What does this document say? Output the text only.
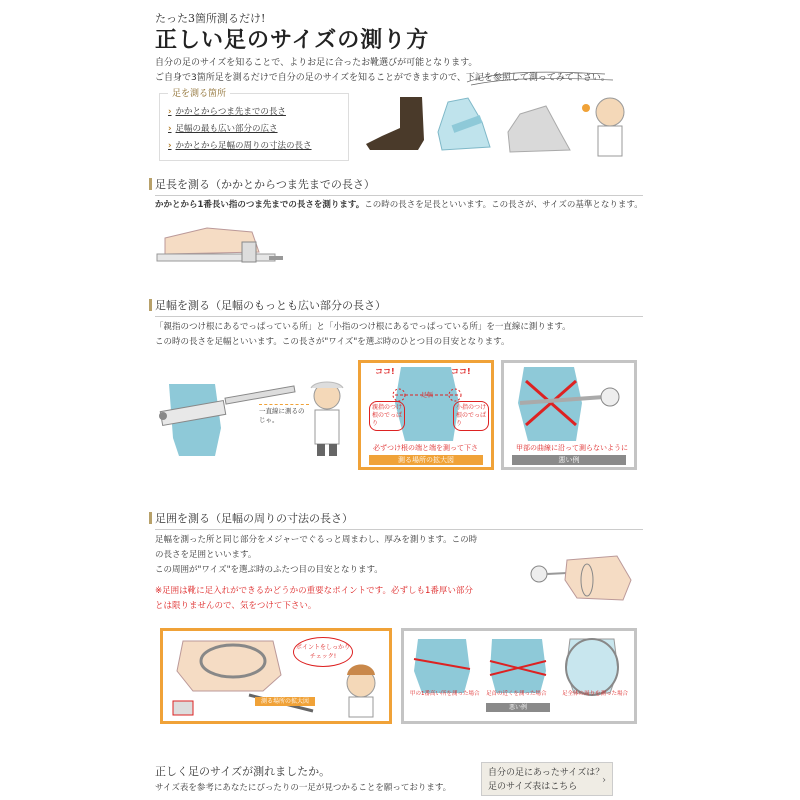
たった3箇所測るだけ!
正しい足のサイズの測り方
自分の足のサイズを知ることで、よりお足に合ったお靴選びが可能となります。
ご自身で3箇所足を測るだけで自分の足のサイズを知ることができますので、下記を参照して測ってみて下さい。
足を測る箇所
› かかとからつま先までの長さ
› 足幅の最も広い部分の広さ
› かかとから足幅の周りの寸法の長さ
足長を測る（かかとからつま先までの長さ）
かかとから1番長い指のつま先までの長さを測ります。この時の長さを足長といいます。この長さが、サイズの基準となります。
足幅を測る（足幅のもっとも広い部分の長さ）
「親指のつけ根にあるでっぱっている所」と「小指のつけ根にあるでっぱっている所」を一直線に測ります。
この時の長さを足幅といいます。この長さが"ワイズ"を選ぶ時のひとつ目の目安となります。
一直線に測るのじゃ。
ココ!	ココ!
足幅
親指のつけ根のでっぱり
小指のつけ根のでっぱり
必ずつけ根の端と端を測って下さ
測る場所の拡大図
甲部の曲線に沿って測らないように
悪い例
足囲を測る（足幅の周りの寸法の長さ）
足幅を測った所と同じ部分をメジャーでぐるっと周まわし、厚みを測ります。この時
の長さを足囲といいます。
この周囲が"ワイズ"を選ぶ時のふたつ目の目安となります。
※足囲は靴に足入れができるかどうかの重要なポイントです。必ずしも1番厚い部分
とは限りませんので、気をつけて下さい。
ポイントをしっかりチェック!
測る場所の拡大図
甲の1番高い所を測った場合 足首の近くを測った場合	足全体の周りを測った場合
悪い例
正しく足のサイズが測れましたか。
サイズ表を参考にあなたにぴったりの一足が見つかることを願っております。
自分の足にあったサイズは？
足のサイズ表はこちら
›
